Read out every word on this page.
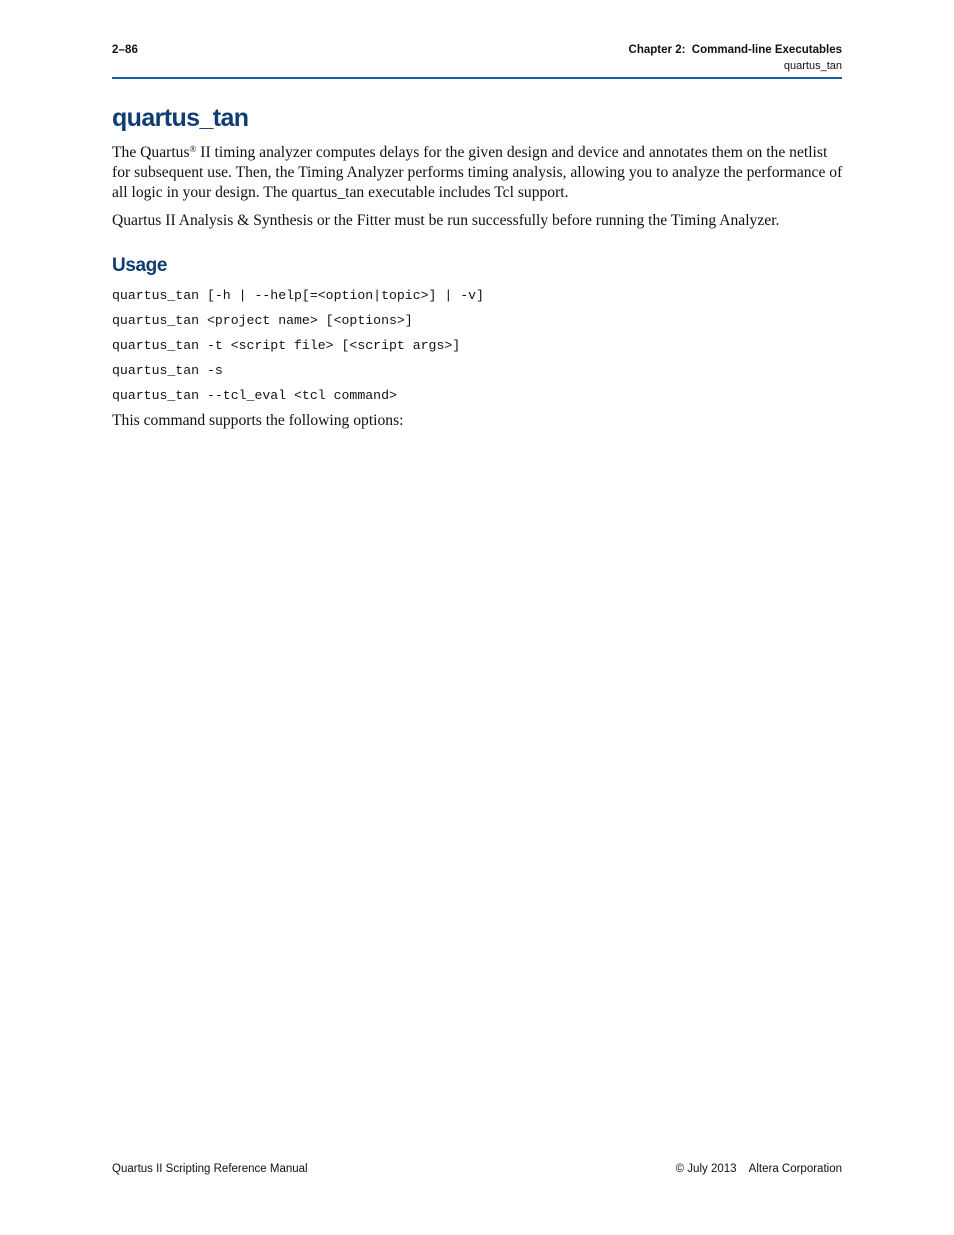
2–86	Chapter 2:  Command-line Executables
quartus_tan
quartus_tan

The Quartus® II timing analyzer computes delays for the given design and device and annotates them on the netlist for subsequent use. Then, the Timing Analyzer performs timing analysis, allowing you to analyze the performance of all logic in your design. The quartus_tan executable includes Tcl support.

Quartus II Analysis & Synthesis or the Fitter must be run successfully before running the Timing Analyzer.

Usage
quartus_tan [-h | --help[=<option|topic>] | -v]
quartus_tan <project name> [<options>]
quartus_tan -t <script file> [<script args>]
quartus_tan -s
quartus_tan --tcl_eval <tcl command>

This command supports the following options:

Quartus II Scripting Reference Manual	© July 2013    Altera Corporation
